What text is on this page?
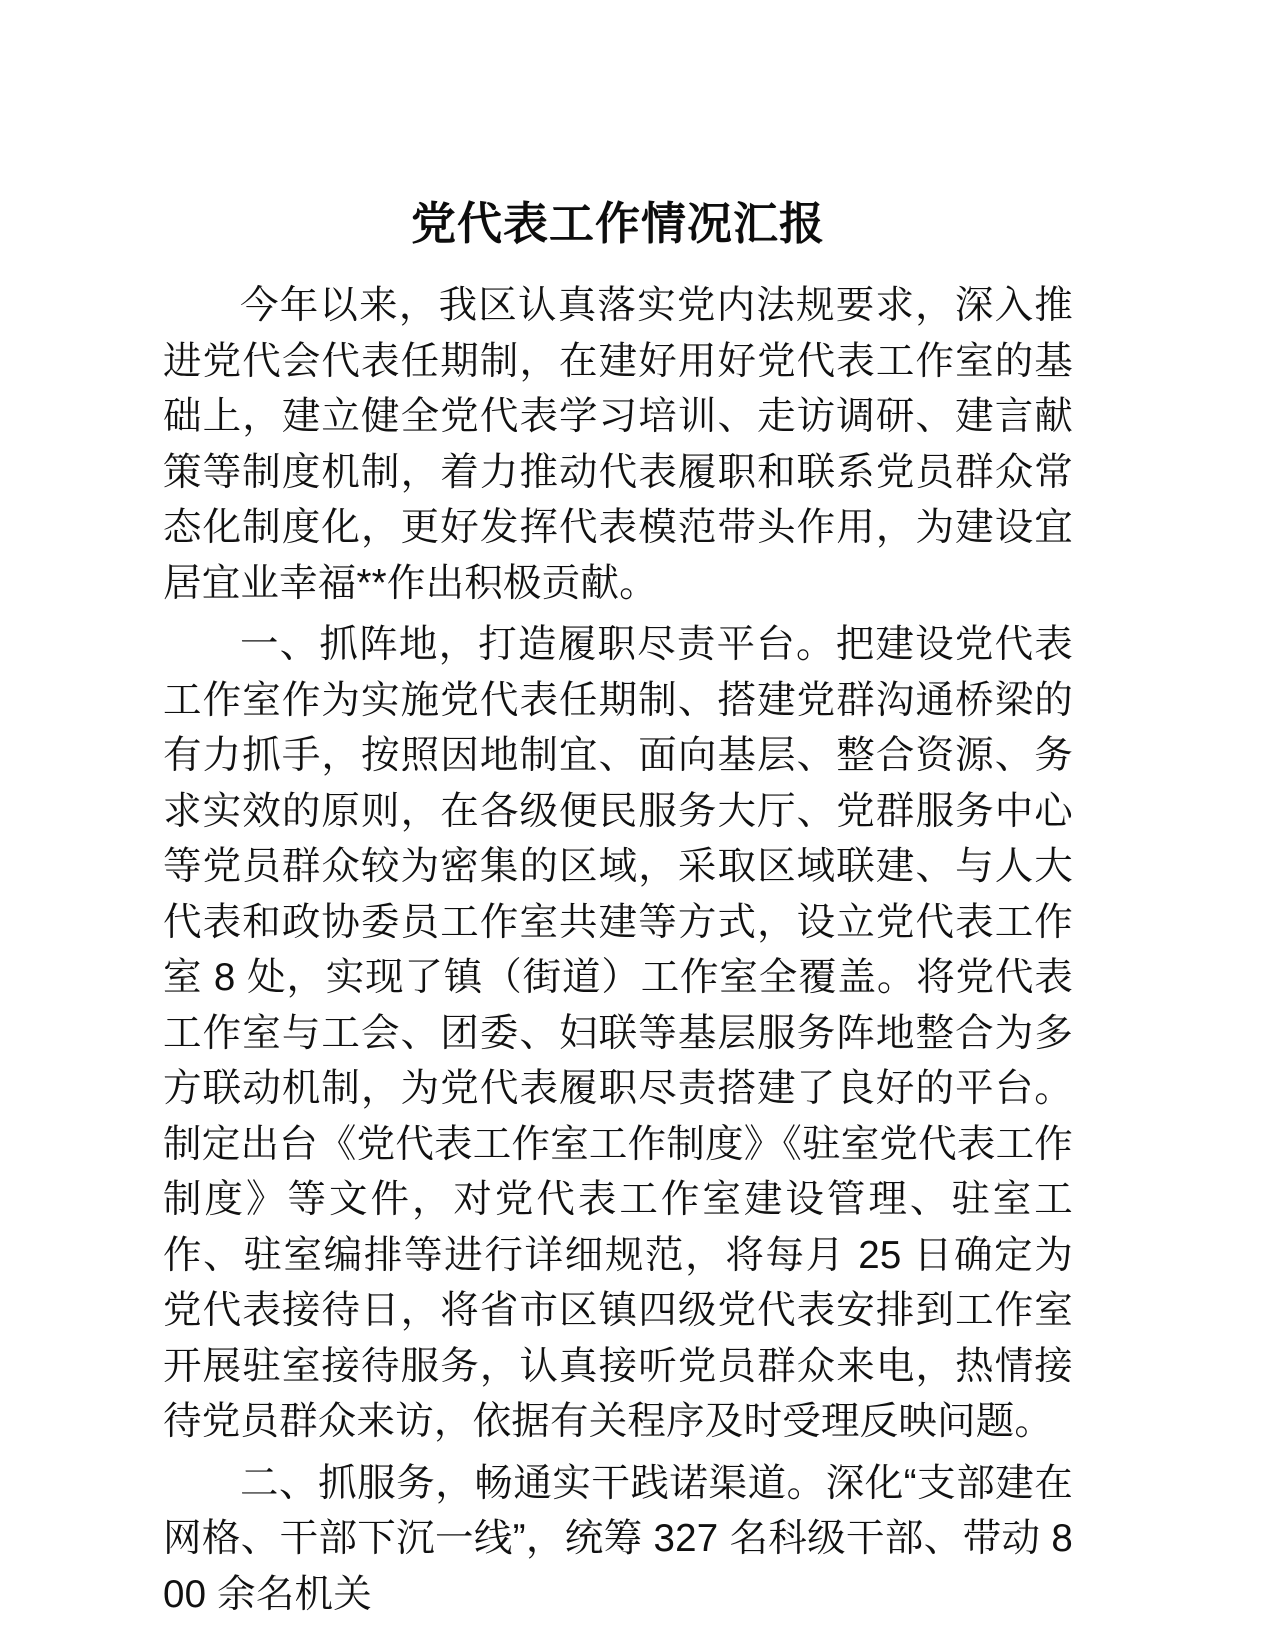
党代表工作情况汇报

今年以来，我区认真落实党内法规要求，深入推进党代会代表任期制，在建好用好党代表工作室的基础上，建立健全党代表学习培训、走访调研、建言献策等制度机制，着力推动代表履职和联系党员群众常态化制度化，更好发挥代表模范带头作用，为建设宜居宜业幸福**作出积极贡献。

一、抓阵地，打造履职尽责平台。把建设党代表工作室作为实施党代表任期制、搭建党群沟通桥梁的有力抓手，按照因地制宜、面向基层、整合资源、务求实效的原则，在各级便民服务大厅、党群服务中心等党员群众较为密集的区域，采取区域联建、与人大代表和政协委员工作室共建等方式，设立党代表工作室 8 处，实现了镇（街道）工作室全覆盖。将党代表工作室与工会、团委、妇联等基层服务阵地整合为多方联动机制，为党代表履职尽责搭建了良好的平台。制定出台《党代表工作室工作制度》《驻室党代表工作制度》等文件，对党代表工作室建设管理、驻室工作、驻室编排等进行详细规范，将每月 25 日确定为党代表接待日，将省市区镇四级党代表安排到工作室开展驻室接待服务，认真接听党员群众来电，热情接待党员群众来访，依据有关程序及时受理反映问题。

二、抓服务，畅通实干践诺渠道。深化“支部建在网格、干部下沉一线”，统筹 327 名科级干部、带动 800 余名机关
